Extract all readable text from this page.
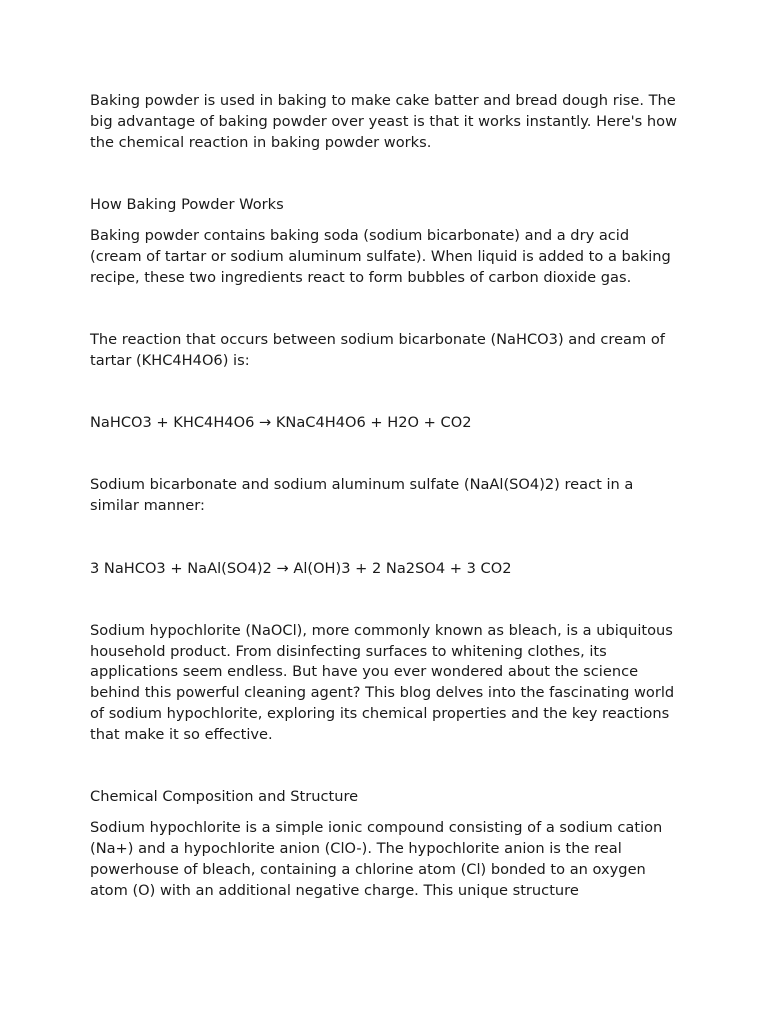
Baking powder is used in baking to make cake batter and bread dough rise. The big advantage of baking powder over yeast is that it works instantly. Here's how the chemical reaction in baking powder works.

How Baking Powder Works

Baking powder contains baking soda (sodium bicarbonate) and a dry acid (cream of tartar or sodium aluminum sulfate). When liquid is added to a baking recipe, these two ingredients react to form bubbles of carbon dioxide gas.

The reaction that occurs between sodium bicarbonate (NaHCO3) and cream of tartar (KHC4H4O6) is:

NaHCO3 + KHC4H4O6 → KNaC4H4O6 + H2O + CO2

Sodium bicarbonate and sodium aluminum sulfate (NaAl(SO4)2) react in a similar manner:

3 NaHCO3 + NaAl(SO4)2 → Al(OH)3 + 2 Na2SO4 + 3 CO2

Sodium hypochlorite (NaOCl), more commonly known as bleach, is a ubiquitous household product. From disinfecting surfaces to whitening clothes, its applications seem endless. But have you ever wondered about the science behind this powerful cleaning agent? This blog delves into the fascinating world of sodium hypochlorite, exploring its chemical properties and the key reactions that make it so effective.

Chemical Composition and Structure

Sodium hypochlorite is a simple ionic compound consisting of a sodium cation (Na+) and a hypochlorite anion (ClO-). The hypochlorite anion is the real powerhouse of bleach, containing a chlorine atom (Cl) bonded to an oxygen atom (O) with an additional negative charge. This unique structure
